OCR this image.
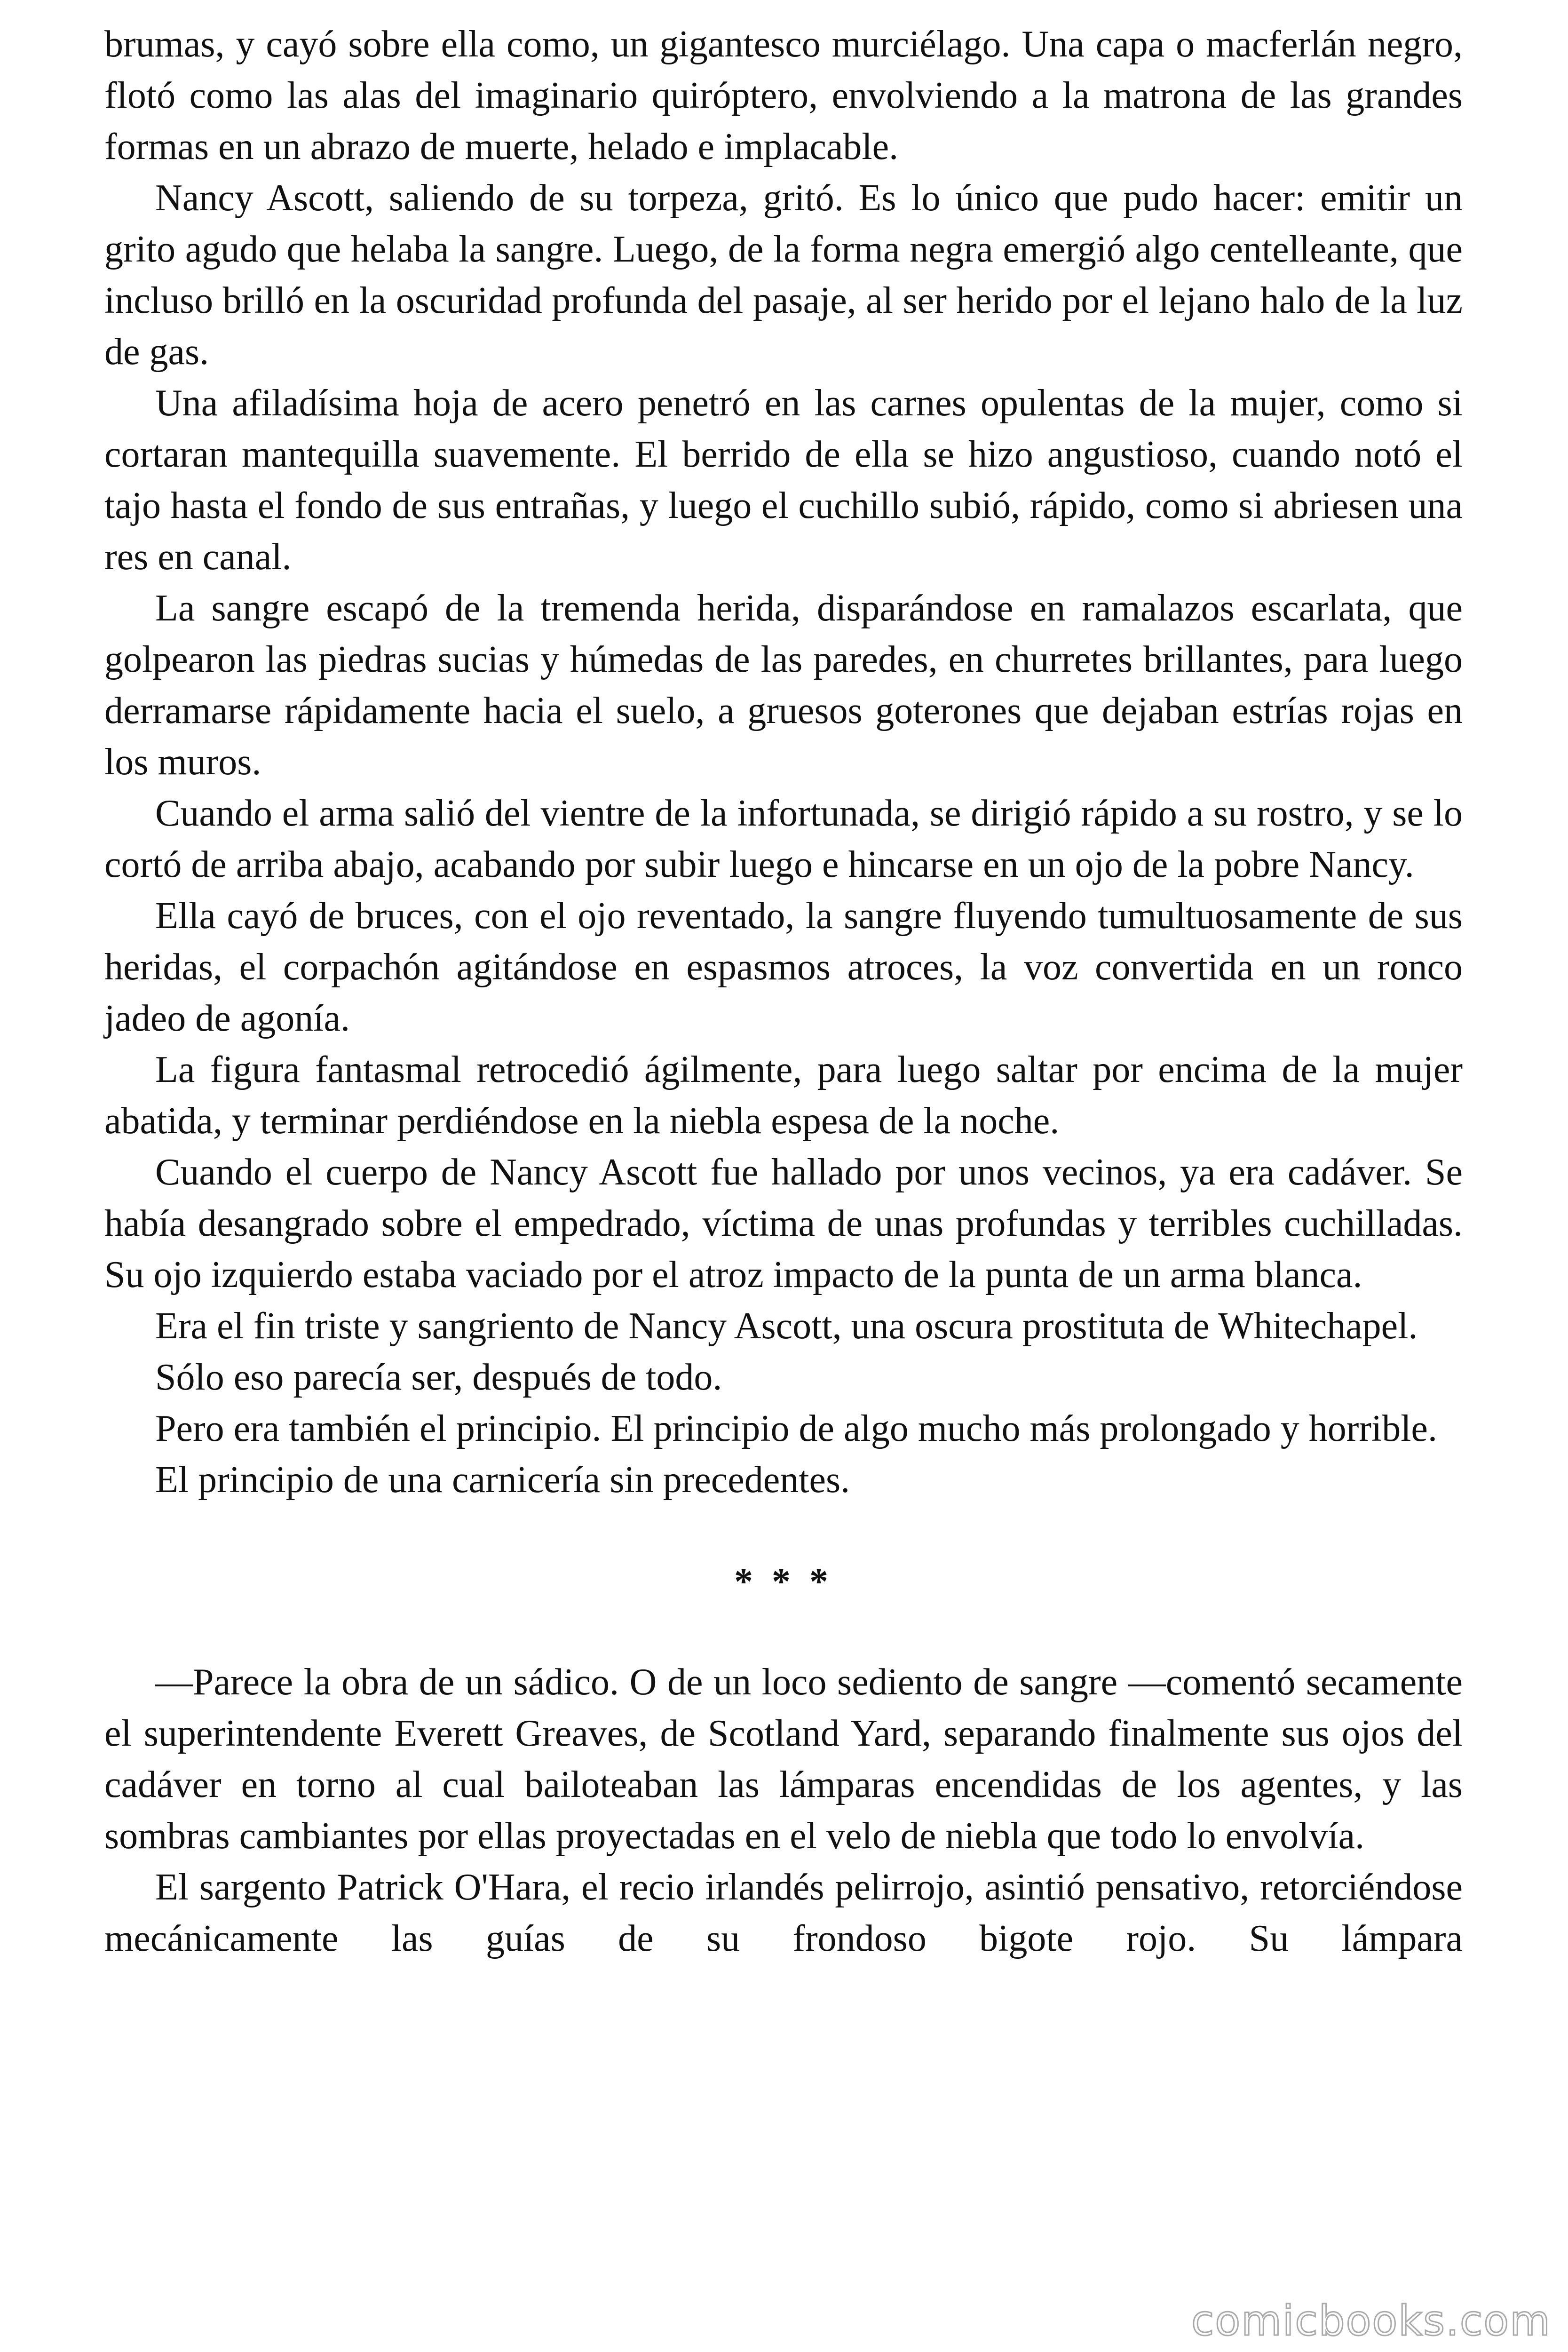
brumas, y cayó sobre ella como, un gigantesco murciélago. Una capa o macferlán negro, flotó como las alas del imaginario quiróptero, envolviendo a la matrona de las grandes formas en un abrazo de muerte, helado e implacable.

Nancy Ascott, saliendo de su torpeza, gritó. Es lo único que pudo hacer: emitir un grito agudo que helaba la sangre. Luego, de la forma negra emergió algo centelleante, que incluso brilló en la oscuridad profunda del pasaje, al ser herido por el lejano halo de la luz de gas.

Una afiladísima hoja de acero penetró en las carnes opulentas de la mujer, como si cortaran mantequilla suavemente. El berrido de ella se hizo angustioso, cuando notó el tajo hasta el fondo de sus entrañas, y luego el cuchillo subió, rápido, como si abriesen una res en canal.

La sangre escapó de la tremenda herida, disparándose en ramalazos escarlata, que golpearon las piedras sucias y húmedas de las paredes, en churretes brillantes, para luego derramarse rápidamente hacia el suelo, a gruesos goterones que dejaban estrías rojas en los muros.

Cuando el arma salió del vientre de la infortunada, se dirigió rápido a su rostro, y se lo cortó de arriba abajo, acabando por subir luego e hincarse en un ojo de la pobre Nancy.

Ella cayó de bruces, con el ojo reventado, la sangre fluyendo tumultuosamente de sus heridas, el corpachón agitándose en espasmos atroces, la voz convertida en un ronco jadeo de agonía.

La figura fantasmal retrocedió ágilmente, para luego saltar por encima de la mujer abatida, y terminar perdiéndose en la niebla espesa de la noche.

Cuando el cuerpo de Nancy Ascott fue hallado por unos vecinos, ya era cadáver. Se había desangrado sobre el empedrado, víctima de unas profundas y terribles cuchilladas. Su ojo izquierdo estaba vaciado por el atroz impacto de la punta de un arma blanca.

Era el fin triste y sangriento de Nancy Ascott, una oscura prostituta de Whitechapel.

Sólo eso parecía ser, después de todo.

Pero era también el principio. El principio de algo mucho más prolongado y horrible.

El principio de una carnicería sin precedentes.

* * *

—Parece la obra de un sádico. O de un loco sediento de sangre —comentó secamente el superintendente Everett Greaves, de Scotland Yard, separando finalmente sus ojos del cadáver en torno al cual bailoteaban las lámparas encendidas de los agentes, y las sombras cambiantes por ellas proyectadas en el velo de niebla que todo lo envolvía.

El sargento Patrick O'Hara, el recio irlandés pelirrojo, asintió pensativo, retorciéndose mecánicamente las guías de su frondoso bigote rojo. Su lámpara

comicbooks.com
